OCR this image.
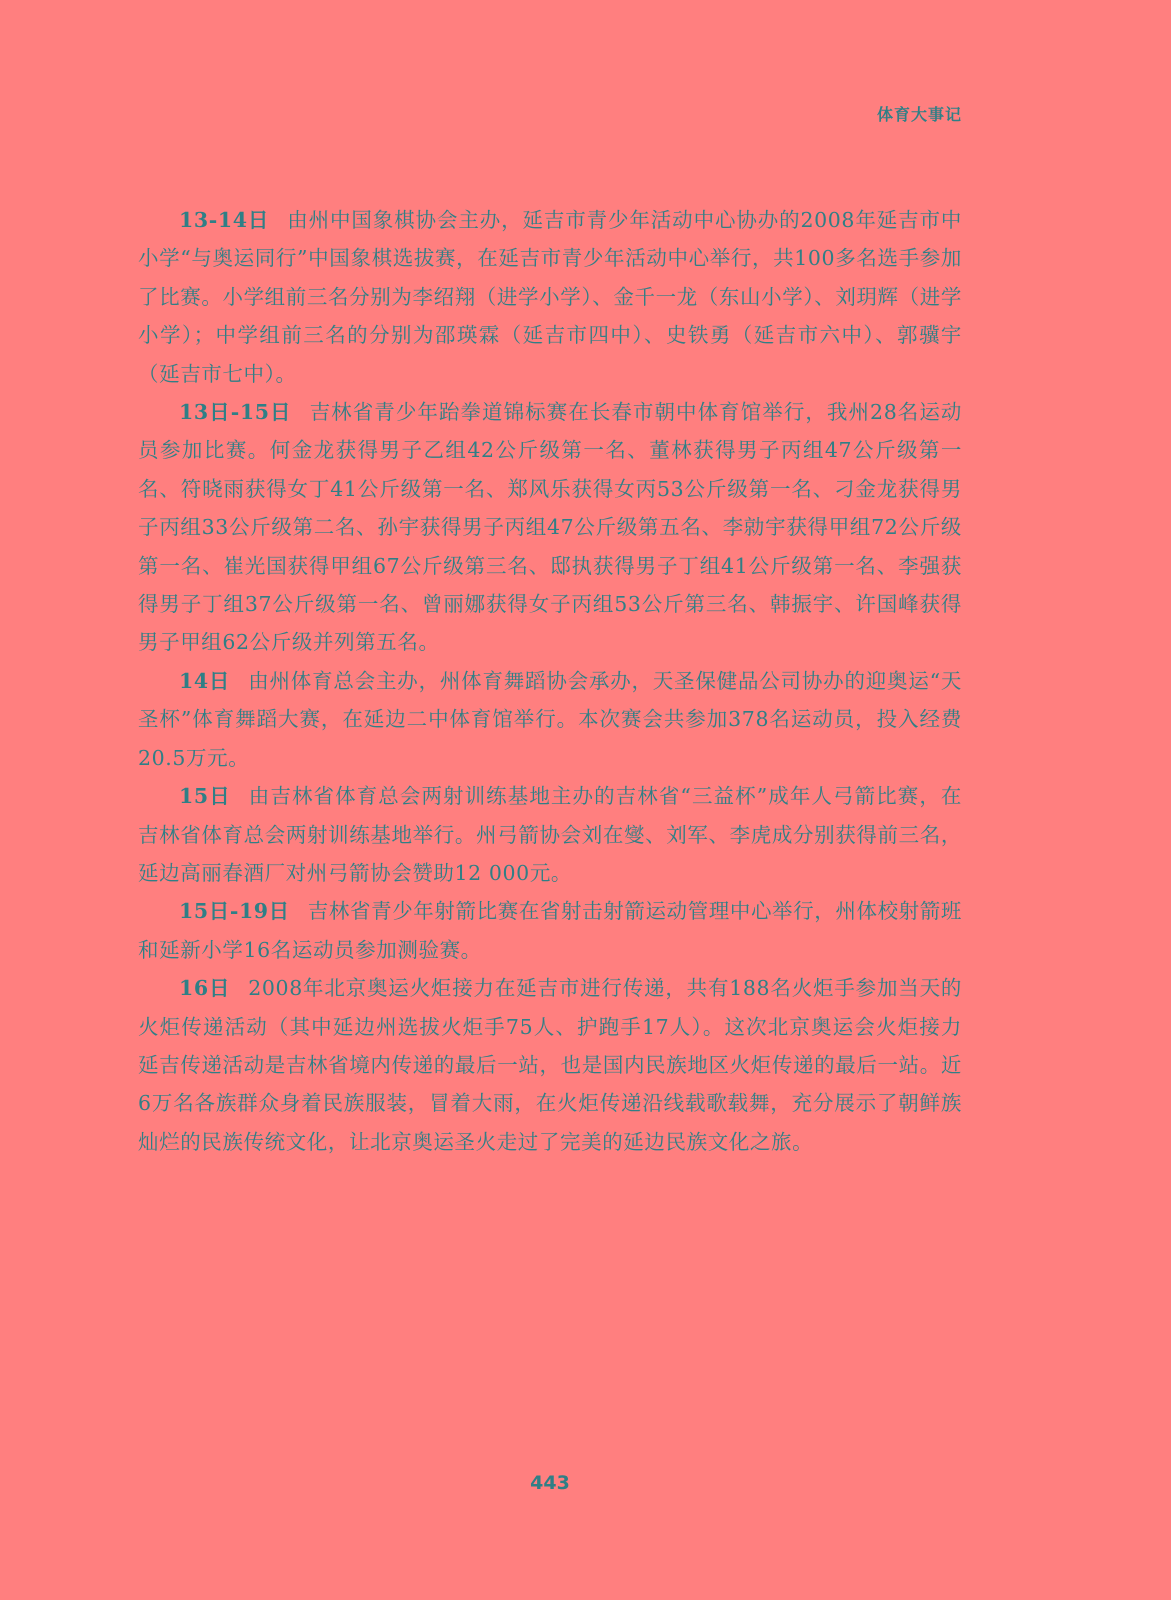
体育大事记

13-14日 由州中国象棋协会主办，延吉市青少年活动中心协办的2008年延吉市中小学“与奥运同行”中国象棋选拔赛，在延吉市青少年活动中心举行，共100多名选手参加了比赛。小学组前三名分别为李绍翔（进学小学）、金千一龙（东山小学）、刘玥辉（进学小学）；中学组前三名的分别为邵瑛霖（延吉市四中）、史铁勇（延吉市六中）、郭骥宇（延吉市七中）。

13日-15日 吉林省青少年跆拳道锦标赛在长春市朝中体育馆举行，我州28名运动员参加比赛。何金龙获得男子乙组42公斤级第一名、董林获得男子丙组47公斤级第一名、符晓雨获得女丁41公斤级第一名、郑风乐获得女丙53公斤级第一名、刁金龙获得男子丙组33公斤级第二名、孙宇获得男子丙组47公斤级第五名、李勍宇获得甲组72公斤级第一名、崔光国获得甲组67公斤级第三名、邸执获得男子丁组41公斤级第一名、李强获得男子丁组37公斤级第一名、曾丽娜获得女子丙组53公斤第三名、韩振宇、许国峰获得男子甲组62公斤级并列第五名。

14日 由州体育总会主办，州体育舞蹈协会承办，天圣保健品公司协办的迎奥运“天圣杯”体育舞蹈大赛，在延边二中体育馆举行。本次赛会共参加378名运动员，投入经费20.5万元。

15日 由吉林省体育总会两射训练基地主办的吉林省“三益杯”成年人弓箭比赛，在吉林省体育总会两射训练基地举行。州弓箭协会刘在燮、刘军、李虎成分别获得前三名，延边高丽春酒厂对州弓箭协会赞助12 000元。

15日-19日 吉林省青少年射箭比赛在省射击射箭运动管理中心举行，州体校射箭班和延新小学16名运动员参加测验赛。

16日 2008年北京奥运火炬接力在延吉市进行传递，共有188名火炬手参加当天的火炬传递活动（其中延边州选拔火炬手75人、护跑手17人）。这次北京奥运会火炬接力延吉传递活动是吉林省境内传递的最后一站，也是国内民族地区火炬传递的最后一站。近6万名各族群众身着民族服装，冒着大雨，在火炬传递沿线载歌载舞，充分展示了朝鲜族灿烂的民族传统文化，让北京奥运圣火走过了完美的延边民族文化之旅。

443
